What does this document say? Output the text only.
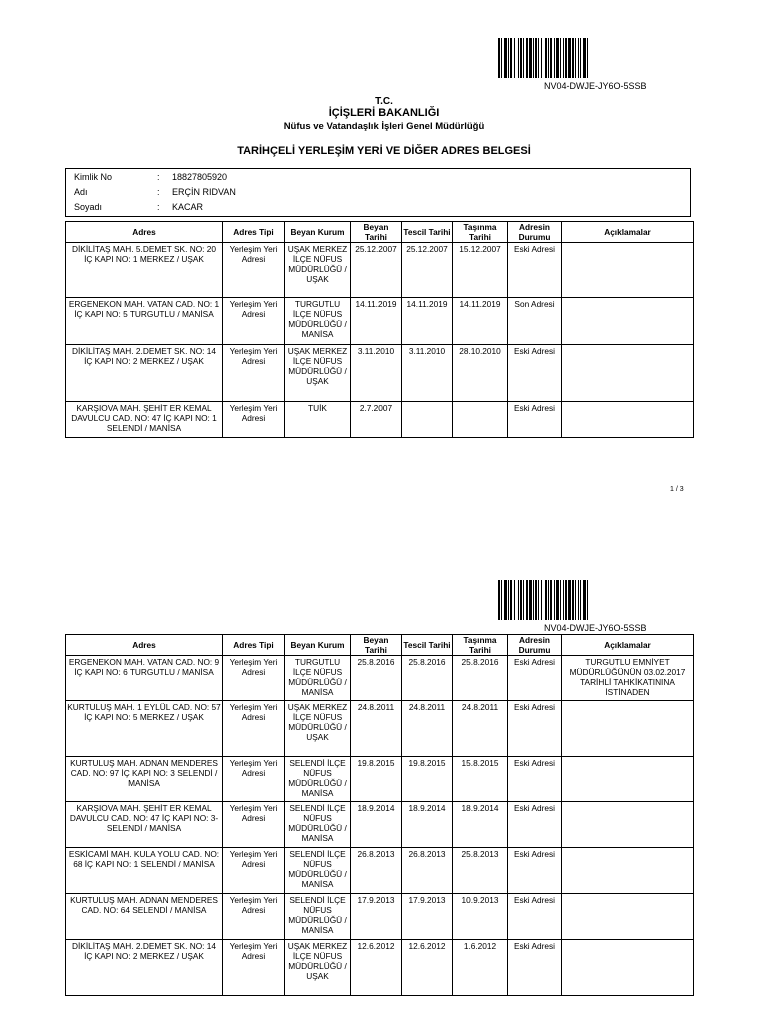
NV04-DWJE-JY6O-5SSB
T.C.
İÇİŞLERİ BAKANLIĞI
Nüfus ve Vatandaşlık İşleri Genel Müdürlüğü
TARİHÇELİ YERLEŞİM YERİ VE DİĞER ADRES BELGESİ
Kimlik No	: 18827805920
Adı	: ERÇİN RIDVAN
Soyadı	: KACAR
Adres	Adres Tipi	Beyan Kurum	Beyan Tarihi	Tescil Tarihi	Taşınma Tarihi	Adresin Durumu	Açıklamalar
DİKİLİTAŞ MAH. 5.DEMET SK. NO: 20 İÇ KAPI NO: 1 MERKEZ / UŞAK	Yerleşim Yeri Adresi	UŞAK MERKEZ İLÇE NÜFUS MÜDÜRLÜĞÜ / UŞAK	25.12.2007	25.12.2007	15.12.2007	Eski Adresi	
ERGENEKON MAH. VATAN CAD. NO: 1 İÇ KAPI NO: 5 TURGUTLU / MANİSA	Yerleşim Yeri Adresi	TURGUTLU İLÇE NÜFUS MÜDÜRLÜĞÜ / MANİSA	14.11.2019	14.11.2019	14.11.2019	Son Adresi	
DİKİLİTAŞ MAH. 2.DEMET SK. NO: 14 İÇ KAPI NO: 2 MERKEZ / UŞAK	Yerleşim Yeri Adresi	UŞAK MERKEZ İLÇE NÜFUS MÜDÜRLÜĞÜ / UŞAK	3.11.2010	3.11.2010	28.10.2010	Eski Adresi	
KARŞIOVA MAH. ŞEHİT ER KEMAL DAVULCU CAD. NO: 47 İÇ KAPI NO: 1 SELENDİ / MANİSA	Yerleşim Yeri Adresi	TUİK	2.7.2007			Eski Adresi	
1 / 3
NV04-DWJE-JY6O-5SSB
Adres	Adres Tipi	Beyan Kurum	Beyan Tarihi	Tescil Tarihi	Taşınma Tarihi	Adresin Durumu	Açıklamalar
ERGENEKON MAH. VATAN CAD. NO: 9 İÇ KAPI NO: 6 TURGUTLU / MANİSA	Yerleşim Yeri Adresi	TURGUTLU İLÇE NÜFUS MÜDÜRLÜĞÜ / MANİSA	25.8.2016	25.8.2016	25.8.2016	Eski Adresi	TURGUTLU EMNİYET MÜDÜRLÜĞÜNÜN 03.02.2017 TARİHLİ TAHKİKATININA İSTİNADEN
KURTULUŞ MAH. 1 EYLÜL CAD. NO: 57 İÇ KAPI NO: 5 MERKEZ / UŞAK	Yerleşim Yeri Adresi	UŞAK MERKEZ İLÇE NÜFUS MÜDÜRLÜĞÜ / UŞAK	24.8.2011	24.8.2011	24.8.2011	Eski Adresi	
KURTULUŞ MAH. ADNAN MENDERES CAD. NO: 97 İÇ KAPI NO: 3 SELENDİ / MANİSA	Yerleşim Yeri Adresi	SELENDİ İLÇE NÜFUS MÜDÜRLÜĞÜ / MANİSA	19.8.2015	19.8.2015	15.8.2015	Eski Adresi	
KARŞIOVA MAH. ŞEHİT ER KEMAL DAVULCU CAD. NO: 47 İÇ KAPI NO: 3- SELENDİ / MANİSA	Yerleşim Yeri Adresi	SELENDİ İLÇE NÜFUS MÜDÜRLÜĞÜ / MANİSA	18.9.2014	18.9.2014	18.9.2014	Eski Adresi	
ESKİCAMİ MAH. KULA YOLU CAD. NO: 68 İÇ KAPI NO: 1 SELENDİ / MANİSA	Yerleşim Yeri Adresi	SELENDİ İLÇE NÜFUS MÜDÜRLÜĞÜ / MANİSA	26.8.2013	26.8.2013	25.8.2013	Eski Adresi	
KURTULUŞ MAH. ADNAN MENDERES CAD. NO: 64 SELENDİ / MANİSA	Yerleşim Yeri Adresi	SELENDİ İLÇE NÜFUS MÜDÜRLÜĞÜ / MANİSA	17.9.2013	17.9.2013	10.9.2013	Eski Adresi	
DİKİLİTAŞ MAH. 2.DEMET SK. NO: 14 İÇ KAPI NO: 2 MERKEZ / UŞAK	Yerleşim Yeri Adresi	UŞAK MERKEZ İLÇE NÜFUS MÜDÜRLÜĞÜ / UŞAK	12.6.2012	12.6.2012	1.6.2012	Eski Adresi	
